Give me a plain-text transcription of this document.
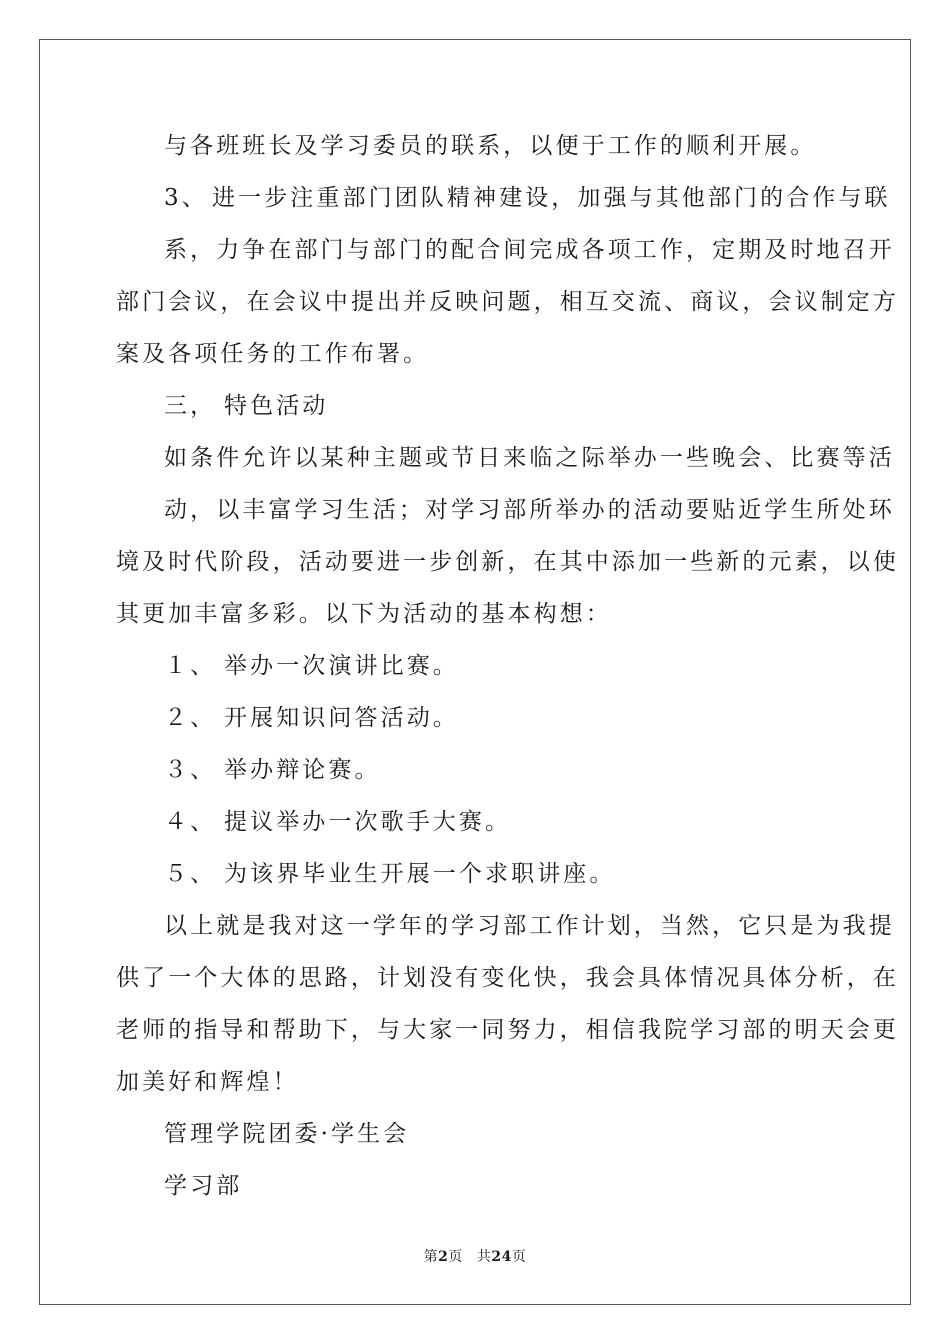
与各班班长及学习委员的联系，以便于工作的顺利开展。
3、 进一步注重部门团队精神建设，加强与其他部门的合作与联
系，力争在部门与部门的配合间完成各项工作，定期及时地召开
部门会议，在会议中提出并反映问题，相互交流、商议，会议制定方
案及各项任务的工作布署。
三， 特色活动
如条件允许以某种主题或节日来临之际举办一些晚会、比赛等活
动，以丰富学习生活；对学习部所举办的活动要贴近学生所处环
境及时代阶段，活动要进一步创新，在其中添加一些新的元素，以使
其更加丰富多彩。以下为活动的基本构想：
１、 举办一次演讲比赛。
２、 开展知识问答活动。
３、 举办辩论赛。
４、 提议举办一次歌手大赛。
５、 为该界毕业生开展一个求职讲座。
以上就是我对这一学年的学习部工作计划，当然，它只是为我提
供了一个大体的思路，计划没有变化快，我会具体情况具体分析，在
老师的指导和帮助下，与大家一同努力，相信我院学习部的明天会更
加美好和辉煌！
管理学院团委·学生会
学习部
第2页 共24页
